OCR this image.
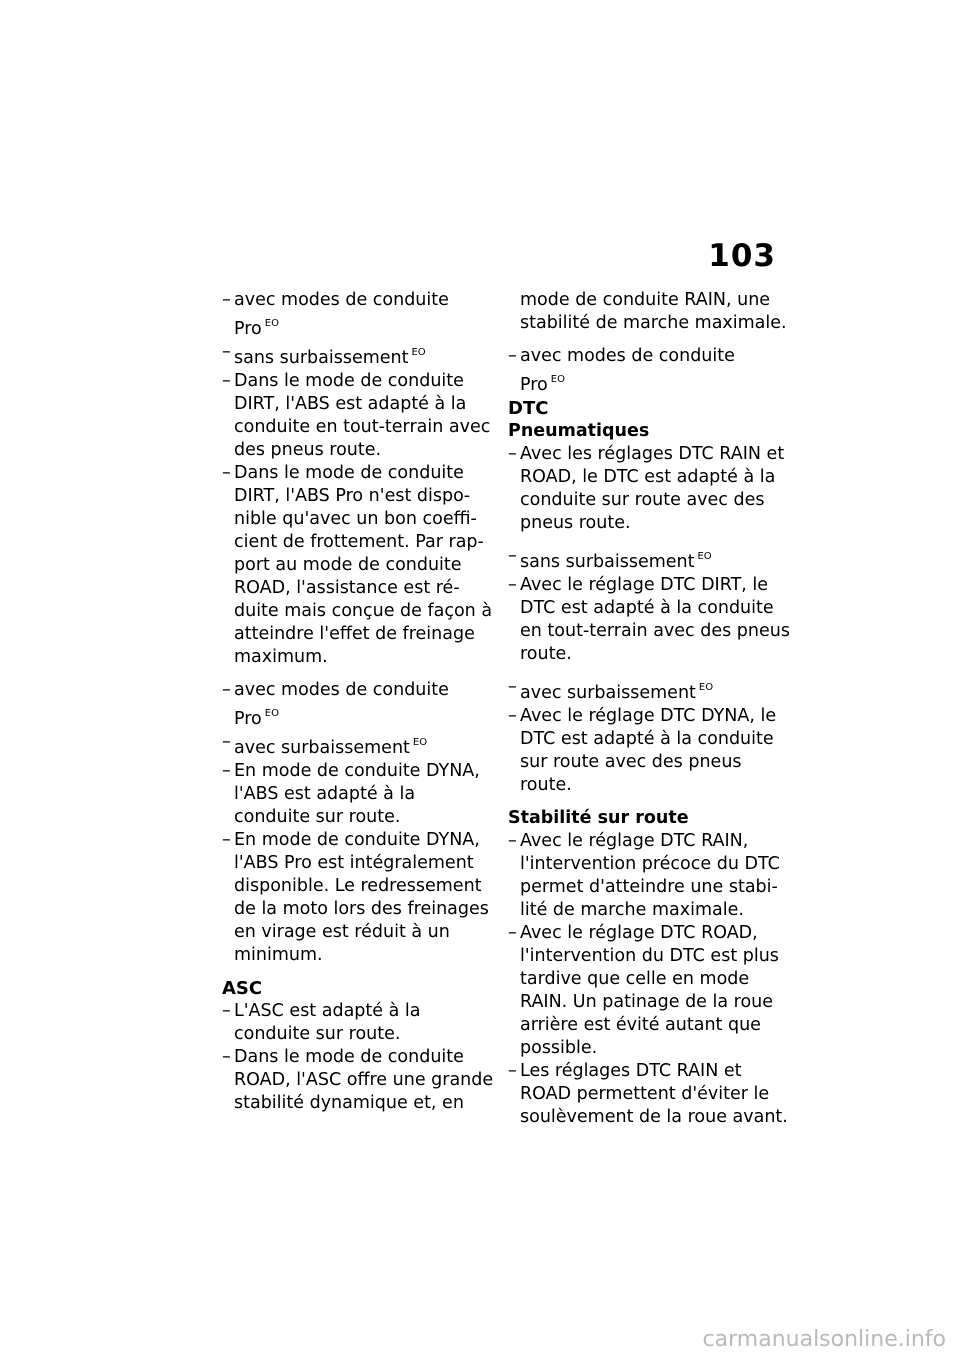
103

– avec modes de conduite

Pro $^{EO}$

– sans surbaissement $^{EO}$

– Dans le mode de conduite DIRT, l'ABS est adapté à la conduite en tout-terrain avec des pneus route.

– Dans le mode de conduite DIRT, l'ABS Pro n'est disponible qu'avec un bon coefficient de frottement. Par rapport au mode de conduite ROAD, l'assistance est réduite mais conçue de façon à atteindre l'effet de freinage maximum.

– avec modes de conduite

Pro $^{EO}$

– avec surbaissement $^{EO}$

– En mode de conduite DYNA, l'ABS est adapté à la conduite sur route.

– En mode de conduite DYNA, l'ABS Pro est intégralement disponible. Le redressement de la moto lors des freinages en virage est réduit à un minimum.

ASC

– L'ASC est adapté à la conduite sur route.

– Dans le mode de conduite ROAD, l'ASC offre une grande stabilité dynamique et, en

mode de conduite RAIN, une stabilité de marche maximale.

– avec modes de conduite

Pro $^{EO}$

DTC

Pneumatiques

– Avec les réglages DTC RAIN et ROAD, le DTC est adapté à la conduite sur route avec des pneus route.

– sans surbaissement $^{EO}$

– Avec le réglage DTC DIRT, le DTC est adapté à la conduite en tout-terrain avec des pneus route.

– avec surbaissement $^{EO}$

– Avec le réglage DTC DYNA, le DTC est adapté à la conduite sur route avec des pneus route.

Stabilité sur route

– Avec le réglage DTC RAIN, l'intervention précoce du DTC permet d'atteindre une stabilité de marche maximale.

– Avec le réglage DTC ROAD, l'intervention du DTC est plus tardive que celle en mode RAIN. Un patinage de la roue arrière est évité autant que possible.

– Les réglages DTC RAIN et ROAD permettent d'éviter le soulèvement de la roue avant.

carmanualsonline.info
